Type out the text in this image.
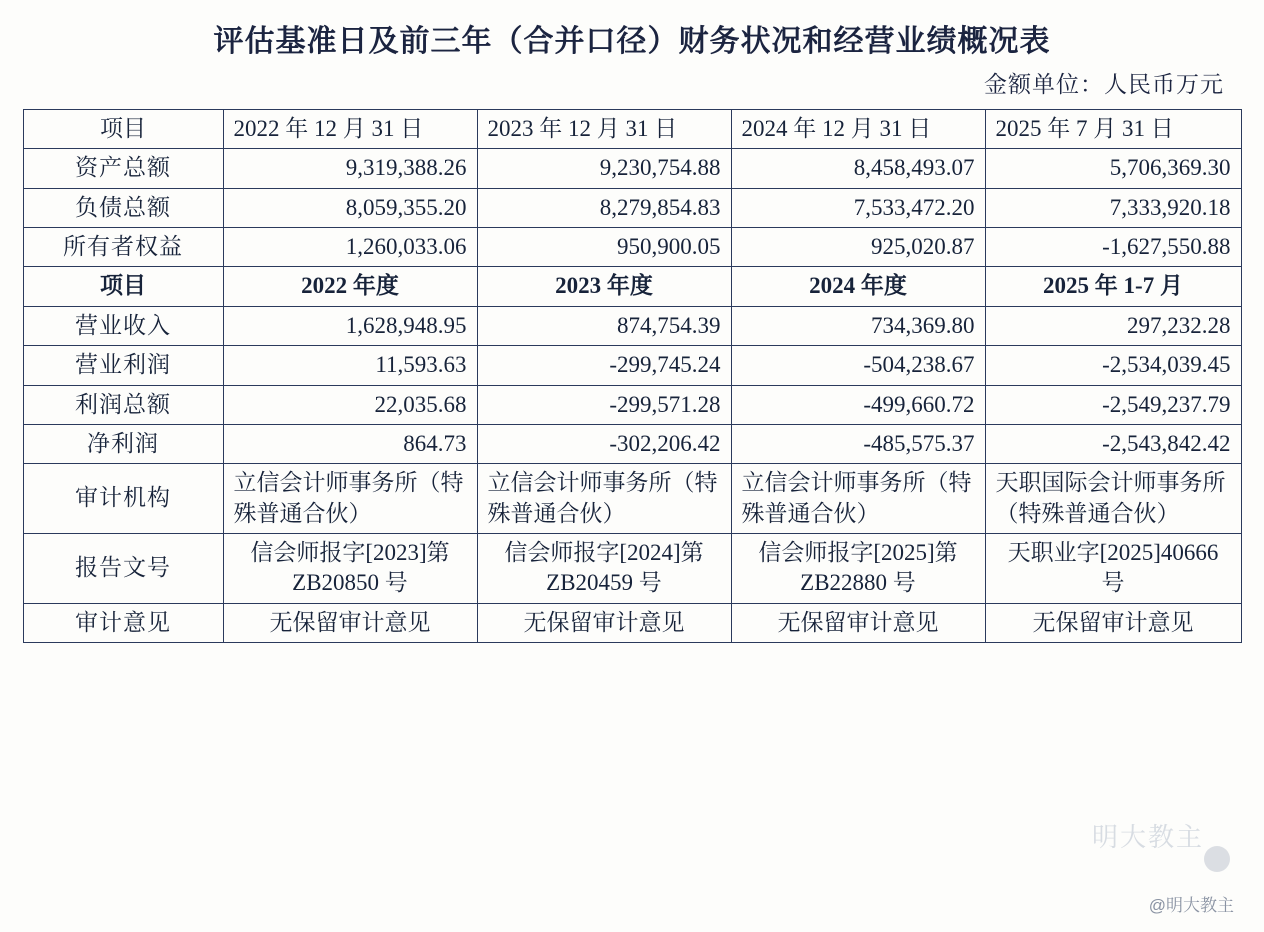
评估基准日及前三年（合并口径）财务状况和经营业绩概况表
金额单位：人民币万元
项目	2022 年 12 月 31 日	2023 年 12 月 31 日	2024 年 12 月 31 日	2025 年 7 月 31 日
资产总额	9,319,388.26	9,230,754.88	8,458,493.07	5,706,369.30
负债总额	8,059,355.20	8,279,854.83	7,533,472.20	7,333,920.18
所有者权益	1,260,033.06	950,900.05	925,020.87	-1,627,550.88
项目	2022 年度	2023 年度	2024 年度	2025 年 1-7 月
营业收入	1,628,948.95	874,754.39	734,369.80	297,232.28
营业利润	11,593.63	-299,745.24	-504,238.67	-2,534,039.45
利润总额	22,035.68	-299,571.28	-499,660.72	-2,549,237.79
净利润	864.73	-302,206.42	-485,575.37	-2,543,842.42
审计机构	立信会计师事务所（特殊普通合伙）	立信会计师事务所（特殊普通合伙）	立信会计师事务所（特殊普通合伙）	天职国际会计师事务所（特殊普通合伙）
报告文号	信会师报字[2023]第 ZB20850 号	信会师报字[2024]第 ZB20459 号	信会师报字[2025]第 ZB22880 号	天职业字[2025]40666 号
审计意见	无保留审计意见	无保留审计意见	无保留审计意见	无保留审计意见
明大教主
@明大教主
